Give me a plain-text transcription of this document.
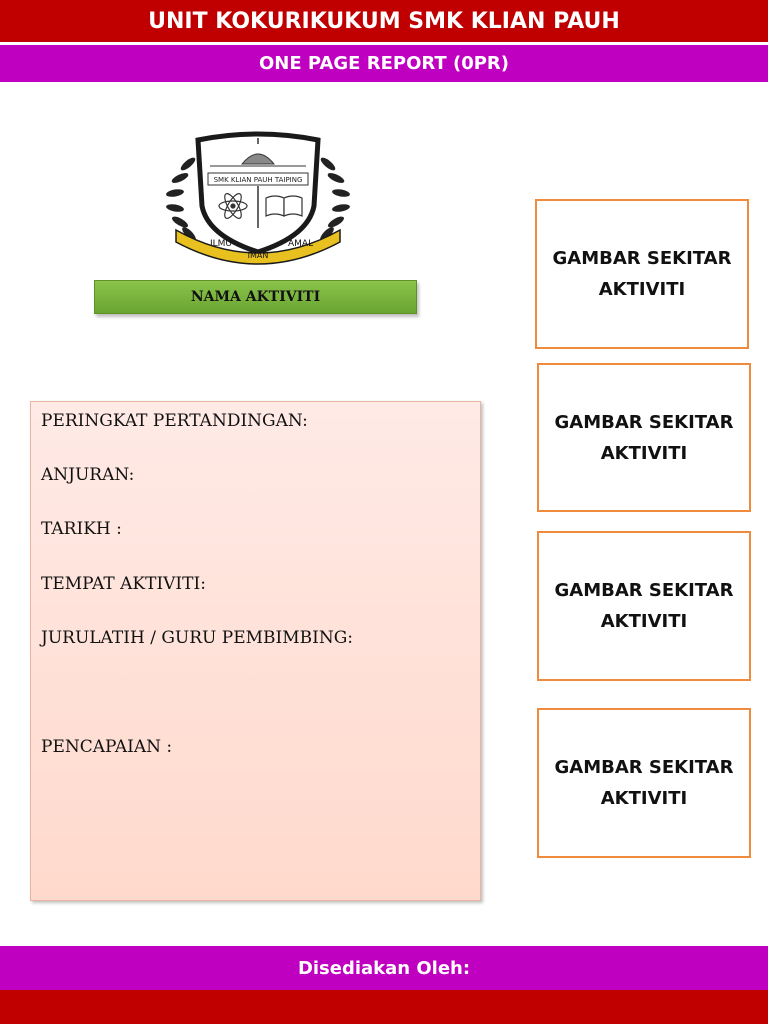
UNIT KOKURIKUKUM SMK KLIAN PAUH
ONE PAGE REPORT (0PR)
SMK KLIAN PAUH TAIPING
ILMU
IMAN
AMAL
NAMA AKTIVITI
PERINGKAT PERTANDINGAN:
ANJURAN:
TARIKH :
TEMPAT AKTIVITI:
JURULATIH / GURU PEMBIMBING:
PENCAPAIAN :
GAMBAR SEKITAR
AKTIVITI
GAMBAR SEKITAR
AKTIVITI
GAMBAR SEKITAR
AKTIVITI
GAMBAR SEKITAR
AKTIVITI
Disediakan Oleh:
